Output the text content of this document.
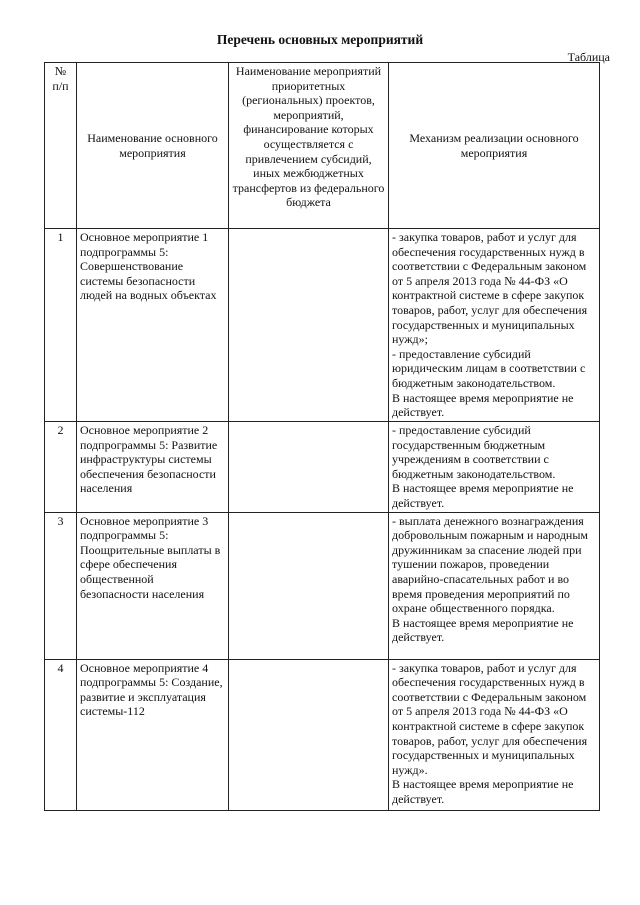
Перечень основных мероприятий
Таблица
№
п/п	Наименование основного мероприятия	Наименование мероприятий приоритетных (региональных) проектов, мероприятий, финансирование которых осуществляется с привлечением субсидий, иных межбюджетных трансфертов из федерального бюджета	Механизм реализации основного мероприятия
1	Основное мероприятие 1 подпрограммы 5: Совершенствование системы безопасности людей на водных объектах		- закупка товаров, работ и услуг для обеспечения государственных нужд в соответствии с Федеральным законом от 5 апреля 2013 года № 44-ФЗ «О контрактной системе в сфере закупок товаров, работ, услуг для обеспечения государственных и муниципальных нужд»;
- предоставление субсидий юридическим лицам в соответствии с бюджетным законодательством.
В настоящее время мероприятие не действует.
2	Основное мероприятие 2 подпрограммы 5: Развитие инфраструктуры системы обеспечения безопасности населения		- предоставление субсидий государственным бюджетным учреждениям в соответствии с бюджетным законодательством.
В настоящее время мероприятие не действует.
3	Основное мероприятие 3 подпрограммы 5: Поощрительные выплаты в сфере обеспечения общественной безопасности населения		- выплата денежного вознаграждения добровольным пожарным и народным дружинникам за спасение людей при тушении пожаров, проведении аварийно-спасательных работ и во время проведения мероприятий по охране общественного порядка.
В настоящее время мероприятие не действует.
4	Основное мероприятие 4 подпрограммы 5: Создание, развитие и эксплуатация системы-112		- закупка товаров, работ и услуг для обеспечения государственных нужд в соответствии с Федеральным законом от 5 апреля 2013 года № 44-ФЗ «О контрактной системе в сфере закупок товаров, работ, услуг для обеспечения государственных и муниципальных нужд».
В настоящее время мероприятие не действует.
